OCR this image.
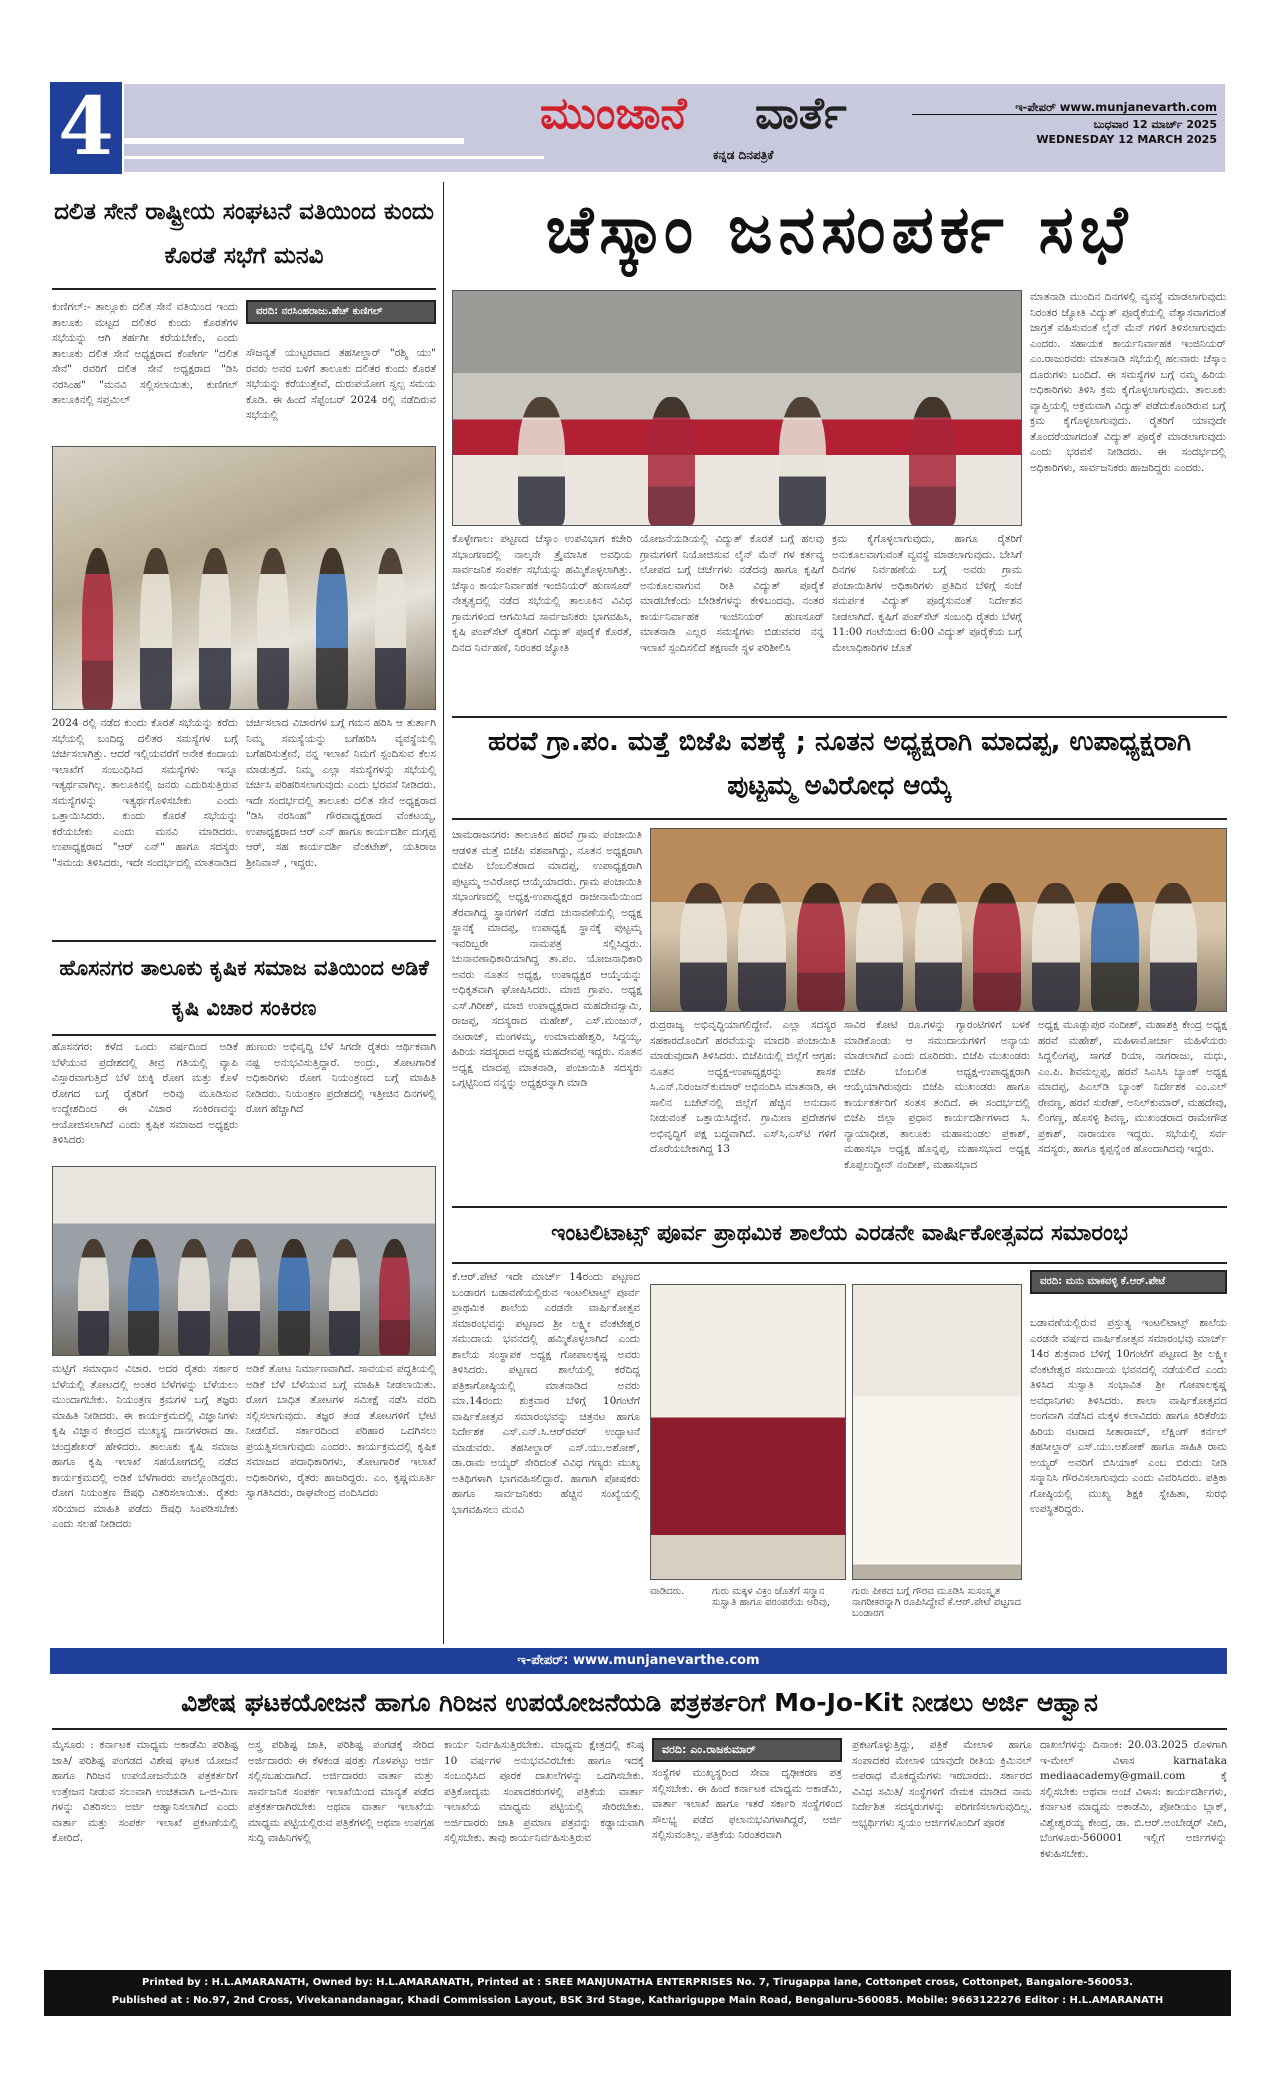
4	ಮುಂಜಾನೆ ವಾರ್ತೆ
ಕನ್ನಡ ದಿನಪತ್ರಿಕೆ
ಇ-ಪೇಪರ್ www.munjanevarth.com
ಬುಧವಾರ 12 ಮಾರ್ಚ್ 2025
WEDNESDAY 12 MARCH 2025
ದಲಿತ ಸೇನೆ ರಾಷ್ಟ್ರೀಯ ಸಂಘಟನೆ ವತಿಯಿಂದ ಕುಂದು ಕೊರತೆ ಸಭೆಗೆ ಮನವಿ
ಕುಣಿಗಲ್:- ತಾಲ್ಲೂಕು ದಲಿತ ಸೇನೆ ವತಿಯಿಂದ ಇಂದು ತಾಲೂಕು ಮಟ್ಟದ ದಲಿತರ ಕುಂದು ಕೊರತೆಗಳ ಸಭೆಯನ್ನು ಆಗಿ ತರ್ಹಗೀ ಕರೆಯಬೇಕೆಂ, ಎಂದು ತಾಲೂಕು ದಲಿತ ಸೇನೆ ಅಧ್ಯಕ್ಷರಾದ ಕೆಂಪೇರ್ಗ "ದಲಿತ ಸೇನೆ" ರವರಿಗೆ ದಲಿತ ಸೇನೆ ಅಧ್ಯಕ್ಷರಾದ "ಡಿಸಿ ನರಸಿಂಹ" "ಮನವಿ ಸಲ್ಲಿಸಲಾಯಿತು, ಕುಣಿಗಲ್ ತಾಲೂಕಿನಲ್ಲಿ ಸಪ್ತಮಿಲ್
ವರದಿ: ನರಸಿಂಹರಾಜು.ಹೆಚ್ ಕುಣಿಗಲ್
ಸೌಜನ್ಯತೆ ಯುಟ್ಟರವಾದ ತಹಸೀಲ್ದಾರ್ "ರಶ್ಮಿ ಯು" ರವರು ಅವರ ಬಳಿಗೆ ತಾಲೂಕು ದಲಿತರ ಕುಂದು ಕೊರತೆ ಸಭೆಯನ್ನು ಕರೆಯುತ್ತೇವೆ, ದುರುಪಯೋಗ ಸ್ವಲ್ಪ ಸಮಯ ಕೊಡಿ. ಈ ಹಿಂದೆ ಸೆಪ್ಟೆಂಬರ್ 2024 ರಲ್ಲಿ ನಡೆದಿರುವ ಸಭೆಯಲ್ಲಿ
2024 ರಲ್ಲಿ ನಡೆದ ಕುಂದು ಕೊರತೆ ಸಭೆಯನ್ನು ಕರೆದು ಸಭೆಯಲ್ಲಿ ಬಂದಿದ್ದ ದಲಿತರ ಸಮಸ್ಯೆಗಳ ಬಗ್ಗೆ ಚರ್ಚಿಸಲಾಗಿತ್ತು. ಆದರೆ ಇಲ್ಲಿಯವರೆಗೆ ಅನೇಕ ಕಂದಾಯ ಇಲಾಖೆಗೆ ಸಂಬಂಧಿಸಿದ ಸಮಸ್ಯೆಗಳು ಇನ್ನೂ ಇತ್ಯರ್ಥವಾಗಿಲ್ಲ. ತಾಲೂಕಿನಲ್ಲಿ ಜನರು ಎದುರಿಸುತ್ತಿರುವ ಸಮಸ್ಯೆಗಳನ್ನು ಇತ್ಯರ್ಥಗೊಳಿಸಬೇಕು ಎಂದು ಒತ್ತಾಯಿಸಿದರು. ಕುಂದು ಕೊರತೆ ಸಭೆಯನ್ನು ಕರೆಯಬೇಕು ಎಂದು ಮನವಿ ಮಾಡಿದರು. ಉಪಾಧ್ಯಕ್ಷರಾದ "ಆರ್ ಎನ್" ಹಾಗೂ ಸದಸ್ಯರು "ಸಮಯ ತಿಳಿಸಿದರು, ಇದೇ ಸಂದರ್ಭದಲ್ಲಿ ಮಾತನಾಡಿದ
ಚರ್ಚಿಸಲಾದ ವಿಚಾರಗಳ ಬಗ್ಗೆ ಗಮನ ಹರಿಸಿ ಆ ತುರ್ತಾಗಿ ನಿಮ್ಮ ಸಮಸ್ಯೆಯನ್ನು ಬಗೆಹರಿಸಿ ವ್ಯವಸ್ಥೆಯಲ್ಲಿ ಬಗೆಹರಿಸುತ್ತೇನೆ, ನನ್ನ ಇಲಾಖೆ ನಿಮಗೆ ಸ್ಪಂದಿಸುವ ಕೆಲಸ ಮಾಡುತ್ತದೆ. ನಿಮ್ಮ ಎಲ್ಲಾ ಸಮಸ್ಯೆಗಳನ್ನು ಸಭೆಯಲ್ಲಿ ಚರ್ಚಿಸಿ ಪರಿಹರಿಸಲಾಗುವುದು ಎಂದು ಭರವಸೆ ನೀಡಿದರು. ಇದೇ ಸಂದರ್ಭದಲ್ಲಿ ತಾಲೂಕು ದಲಿತ ಸೇನೆ ಅಧ್ಯಕ್ಷರಾದ "ಡಿಸಿ ನರಸಿಂಹ" ಗೌರವಾಧ್ಯಕ್ಷರಾದ ವೆಂಕಟಯ್ಯ, ಉಪಾಧ್ಯಕ್ಷರಾದ ಆರ್ ಎನ್ ಹಾಗೂ ಕಾರ್ಯದರ್ಶಿ ದುಗ್ಗಪ್ಪ ಆರ್, ಸಹ ಕಾರ್ಯದರ್ಶಿ ವೆಂಕಟೇಶ್, ಯತಿರಾಜ ಶ್ರೀನಿವಾಸ್ , ಇದ್ದರು.
ಹೊಸನಗರ ತಾಲೂಕು ಕೃಷಿಕ ಸಮಾಜ ವತಿಯಿಂದ ಅಡಿಕೆ ಕೃಷಿ ವಿಚಾರ ಸಂಕಿರಣ
ಹೊಸನಗರ: ಕಳೆದ ಒಂದು ವರ್ಷದಿಂದ ಅಡಿಕೆ ಬೆಳೆಯುವ ಪ್ರದೇಶದಲ್ಲಿ ತೀವ್ರ ಗತಿಯಲ್ಲಿ ವ್ಯಾಪಿ ವಿಸ್ತಾರವಾಗುತ್ತಿದೆ ಬೆಳೆ ಚುಕ್ಕಿ ರೋಗ ಮತ್ತು ಕೊಳೆ ರೋಗದ ಬಗ್ಗೆ ರೈತರಿಗೆ ಅರಿವು ಮೂಡಿಸುವ ಉದ್ದೇಶದಿಂದ ಈ ವಿಚಾರ ಸಂಕಿರಣವನ್ನು ಆಯೋಜಿಸಲಾಗಿದೆ ಎಂದು ಕೃಷಿಕ ಸಮಾಜದ ಅಧ್ಯಕ್ಷರು ತಿಳಿಸಿದರು
ಹುಣುರು ಅಭಿವೃದ್ಧಿ ಬೆಳೆ ಸಿಗದೇ ರೈತರು ಆರ್ಥಿಕವಾಗಿ ನಷ್ಟ ಅನುಭವಿಸುತ್ತಿದ್ದಾರೆ. ಅಂದ್ರು, ತೋಟಗಾರಿಕೆ ಅಧಿಕಾರಿಗಳು ರೋಗ ನಿಯಂತ್ರಣದ ಬಗ್ಗೆ ಮಾಹಿತಿ ನೀಡಿದರು. ನಿಯಂತ್ರಣ ಪ್ರದೇಶದಲ್ಲಿ ಇತ್ತೀಚಿನ ದಿನಗಳಲ್ಲಿ ರೋಗ ಹೆಚ್ಚಾಗಿದೆ
ಮಟ್ಟಿಗೆ ಸಮಾಧಾನ ವಿಚಾರ. ಅದರ ರೈತರು ಸರ್ಕಾರ ಬೆಳೆಯಲ್ಲಿ ತೋಟದಲ್ಲಿ ಅಂತರ ಬೆಳೆಗಳನ್ನು ಬೆಳೆಯಲು ಮುಂದಾಗಬೇಕು. ನಿಯಂತ್ರಣ ಕ್ರಮಗಳ ಬಗ್ಗೆ ತಜ್ಞರು ಮಾಹಿತಿ ನೀಡಿದರು. ಈ ಕಾರ್ಯಕ್ರಮದಲ್ಲಿ ವಿಜ್ಞಾನಿಗಳು ಕೃಷಿ ವಿಜ್ಞಾನ ಕೇಂದ್ರದ ಮುಖ್ಯಸ್ಥ ದಾನಗಳರಾದ ಡಾ. ಚಂದ್ರಶೇಖರ್ ಹೇಳಿದರು. ತಾಲೂಕು ಕೃಷಿ ಸಮಾಜ ಹಾಗೂ ಕೃಷಿ ಇಲಾಖೆ ಸಹಯೋಗದಲ್ಲಿ ನಡೆದ ಕಾರ್ಯಕ್ರಮದಲ್ಲಿ ಅಡಿಕೆ ಬೆಳೆಗಾರರು ಪಾಲ್ಗೊಂಡಿದ್ದರು. ರೋಗ ನಿಯಂತ್ರಣ ಔಷಧಿ ವಿತರಿಸಲಾಯಿತು. ರೈತರು ಸರಿಯಾದ ಮಾಹಿತಿ ಪಡೆದು ಔಷಧಿ ಸಿಂಪಡಿಸಬೇಕು ಎಂದು ಸಲಹೆ ನೀಡಿದರು
ಅಡಿಕೆ ತೋಟ ನಿರ್ಮಾಣವಾಗಿದೆ. ಸಾವಯವ ಪದ್ಧತಿಯಲ್ಲಿ ಅಡಿಕೆ ಬೆಳೆ ಬೆಳೆಯುವ ಬಗ್ಗೆ ಮಾಹಿತಿ ನೀಡಲಾಯಿತು. ರೋಗ ಬಾಧಿತ ತೋಟಗಳ ಸಮೀಕ್ಷೆ ನಡೆಸಿ ವರದಿ ಸಲ್ಲಿಸಲಾಗುವುದು. ತಜ್ಞರ ತಂಡ ತೋಟಗಳಿಗೆ ಭೇಟಿ ನೀಡಲಿದೆ. ಸರ್ಕಾರದಿಂದ ಪರಿಹಾರ ಒದಗಿಸಲು ಪ್ರಯತ್ನಿಸಲಾಗುವುದು ಎಂದರು. ಕಾರ್ಯಕ್ರಮದಲ್ಲಿ ಕೃಷಿಕ ಸಮಾಜದ ಪದಾಧಿಕಾರಿಗಳು, ತೋಟಗಾರಿಕೆ ಇಲಾಖೆ ಅಧಿಕಾರಿಗಳು, ರೈತರು ಹಾಜರಿದ್ದರು. ಎಂ. ಕೃಷ್ಣಮೂರ್ತಿ ಸ್ವಾಗತಿಸಿದರು, ರಾಘವೇಂದ್ರ ವಂದಿಸಿದರು
ಚೆಸ್ಕಾಂ ಜನಸಂಪರ್ಕ ಸಭೆ
ಕೊಳ್ಳೇಗಾಲ: ಪಟ್ಟಣದ ಚೆಸ್ಕಾಂ ಉಪವಿಭಾಗ ಕಚೇರಿ ಸಭಾಂಗಣದಲ್ಲಿ ನಾಲ್ಕನೇ ತ್ರೈಮಾಸಿಕ ಅವಧಿಯ ಸಾರ್ವಜನಿಕ ಸಂಪರ್ಕ ಸಭೆಯನ್ನು ಹಮ್ಮಿಕೊಳ್ಳಲಾಗಿತ್ತು. ಚೆಸ್ಕಾಂ ಕಾರ್ಯನಿರ್ವಾಹಕ ಇಂಜಿನಿಯರ್ ಹುಣಸೂರ್ ನೇತೃತ್ವದಲ್ಲಿ ನಡೆದ ಸಭೆಯಲ್ಲಿ ತಾಲೂಕಿನ ವಿವಿಧ ಗ್ರಾಮಗಳಿಂದ ಆಗಮಿಸಿದ ಸಾರ್ವಜನಿಕರು ಭಾಗವಹಿಸಿ, ಕೃಷಿ ಪಂಪ್‌ಸೆಟ್ ರೈತರಿಗೆ ವಿದ್ಯುತ್ ಪೂರೈಕೆ ಕೊರತೆ, ದಿನದ ನಿರ್ವಹಣೆ, ನಿರಂತರ ಜ್ಯೋತಿ
ಯೋಜನೆಯಡಿಯಲ್ಲಿ ವಿದ್ಯುತ್ ಕೊರತೆ ಬಗ್ಗೆ ಹಲವು ಗ್ರಾಮಗಳಿಗೆ ನಿಯೋಜಿಸುವ ಲೈನ್ ಮೆನ್ ಗಳ ಕರ್ತವ್ಯ ಲೋಪದ ಬಗ್ಗೆ ಚರ್ಚೆಗಳು ನಡೆದವು ಹಾಗೂ ಕೃಷಿಗೆ ಅನುಕೂಲವಾಗುವ ರೀತಿ ವಿದ್ಯುತ್ ಪೂರೈಕೆ ಮಾಡಬೇಕೆಂದು ಬೇಡಿಕೆಗಳನ್ನು ಕೇಳಿಬಂದವು. ನಂತರ ಕಾರ್ಯನಿರ್ವಾಹಕ ಇಂಜಿನಿಯರ್ ಹುಣಸೂರ್ ಮಾತನಾಡಿ ಎಲ್ಲರ ಸಮಸ್ಯೆಗಳು ಬಿಡುವವರ ನನ್ನ ಇಲಾಖೆ ಸ್ಪಂದಿಸಲಿದೆ ತಕ್ಷಣವೇ ಸ್ಥಳ ಪರಿಶೀಲಿಸಿ
ಕ್ರಮ ಕೈಗೊಳ್ಳಲಾಗುವುದು, ಹಾಗೂ ರೈತರಿಗೆ ಅನುಕೂಲವಾಗುವಂತೆ ವ್ಯವಸ್ಥೆ ಮಾಡಲಾಗುವುದು. ಬೇಸಿಗೆ ದಿನಗಳ ನಿರ್ವಹಣೆಯ ಬಗ್ಗೆ ಅವರು ಗ್ರಾಮ ಪಂಚಾಯಿತಿಗಳ ಅಧಿಕಾರಿಗಳು ಪ್ರತಿದಿನ ಬೆಳಿಗ್ಗೆ ಸಂಜೆ ಸಮರ್ಪಕ ವಿದ್ಯುತ್ ಪೂರೈಸುವಂತೆ ನಿರ್ದೇಶನ ನೀಡಲಾಗಿದೆ. ಕೃಷಿಗೆ ಪಂಪ್‌ಸೆಟ್ ಸಂಬಂಧಿ ರೈತರು ಬೆಳಗ್ಗೆ 11:00 ಗಂಟೆಯಿಂದ 6:00 ವಿದ್ಯುತ್ ಪೂರೈಕೆಯ ಬಗ್ಗೆ ಮೇಲಾಧಿಕಾರಿಗಳ ಜೊತೆ
ಮಾತನಾಡಿ ಮುಂದಿನ ದಿನಗಳಲ್ಲಿ ವ್ಯವಸ್ಥೆ ಮಾಡಲಾಗುವುದು ನಿರಂತರ ಜ್ಯೋತಿ ವಿದ್ಯುತ್ ಪೂರೈಕೆಯಲ್ಲಿ ವೆತ್ಯಾಸವಾಗದಂತೆ ಜಾಗ್ರತೆ ವಹಿಸುವಂತೆ ಲೈನ್ ಮೆನ್ ಗಳಿಗೆ ತಿಳಿಸಲಾಗುವುದು ಎಂದರು. ಸಹಾಯಕ ಕಾರ್ಯನಿರ್ವಾಹಕ ಇಂಜಿನಿಯರ್ ಎಂ.ರಾಜುರವರು ಮಾತನಾಡಿ ಸಭೆಯಲ್ಲಿ ಹಲವಾರು ಚೆಸ್ಕಾಂ ದೂರುಗಳು ಬಂದಿದೆ. ಈ ಸಮಸ್ಯೆಗಳ ಬಗ್ಗೆ ನಮ್ಮ ಹಿರಿಯ ಅಧಿಕಾರಿಗಳು ತಿಳಿಸಿ ಕ್ರಮ ಕೈಗೊಳ್ಳಲಾಗುವುದು. ತಾಲೂಕು ವ್ಯಾಪ್ತಿಯಲ್ಲಿ ಅಕ್ರಮವಾಗಿ ವಿದ್ಯುತ್ ಪಡೆದುಕೊಂಡಿರುವ ಬಗ್ಗೆ ಕ್ರಮ ಕೈಗೊಳ್ಳಲಾಗುವುದು. ರೈತರಿಗೆ ಯಾವುದೇ ತೊಂದರೆಯಾಗದಂತೆ ವಿದ್ಯುತ್ ಪೂರೈಕೆ ಮಾಡಲಾಗುವುದು ಎಂದು ಭರವಸೆ ನೀಡಿದರು. ಈ ಸಂದರ್ಭದಲ್ಲಿ ಅಧಿಕಾರಿಗಳು, ಸಾರ್ವಜನಿಕರು ಹಾಜರಿದ್ದರು ಎಂದರು.
ಹರವೆ ಗ್ರಾ.ಪಂ. ಮತ್ತೆ ಬಿಜೆಪಿ ವಶಕ್ಕೆ ; ನೂತನ ಅಧ್ಯಕ್ಷರಾಗಿ ಮಾದಪ್ಪ, ಉಪಾಧ್ಯಕ್ಷರಾಗಿ ಪುಟ್ಟಮ್ಮ ಅವಿರೋಧ ಆಯ್ಕೆ
ಚಾಮರಾಜನಗರ: ತಾಲೂಕಿನ ಹರವೆ ಗ್ರಾಮ ಪಂಚಾಯಿತಿ ಆಡಳಿತ ಮತ್ತೆ ಬಿಜೆಪಿ ವಶವಾಗಿದ್ದು, ನೂತನ ಅಧ್ಯಕ್ಷರಾಗಿ ಬಿಜೆಪಿ ಬೆಂಬಲಿತರಾದ ಮಾದಪ್ಪ, ಉಪಾಧ್ಯಕ್ಷರಾಗಿ ಪುಟ್ಟಮ್ಮ ಅವಿರೋಧ ಆಯ್ಕೆಯಾದರು. ಗ್ರಾಮ ಪಂಚಾಯಿತಿ ಸಭಾಂಗಣದಲ್ಲಿ ಅಧ್ಯಕ್ಷ-ಉಪಾಧ್ಯಕ್ಷರ ರಾಜೀನಾಮೆಯಿಂದ ತೆರವಾಗಿದ್ದ ಸ್ಥಾನಗಳಿಗೆ ನಡೆದ ಚುನಾವಣೆಯಲ್ಲಿ ಅಧ್ಯಕ್ಷ ಸ್ಥಾನಕ್ಕೆ ಮಾದಪ್ಪ, ಉಪಾಧ್ಯಕ್ಷ ಸ್ಥಾನಕ್ಕೆ ಪುಟ್ಟಮ್ಮ ಇವರಿಬ್ಬರೇ ನಾಮಪತ್ರ ಸಲ್ಲಿಸಿದ್ದರು. ಚುನಾವಣಾಧಿಕಾರಿಯಾಗಿದ್ದ ತಾ.ಪಂ. ಯೋಜನಾಧಿಕಾರಿ ಅವರು ನೂತನ ಅಧ್ಯಕ್ಷ, ಉಪಾಧ್ಯಕ್ಷರ ಆಯ್ಕೆಯನ್ನು ಅಧಿಕೃತವಾಗಿ ಘೋಷಿಸಿದರು. ಮಾಜಿ ಗ್ರಾಪಂ. ಅಧ್ಯಕ್ಷ ಎಸ್.ಗಿರೀಶ್, ಮಾಜಿ ಉಪಾಧ್ಯಕ್ಷರಾದ ಮಹದೇವಸ್ವಾಮಿ, ರಾಜಪ್ಪ, ಸದಸ್ಯರಾದ ಮಹೇಶ್, ಎಸ್.ಮಂಜುನ್, ನಟರಾಜ್, ಮಂಗಳಮ್ಮ, ಉಮಾಮಹೇಶ್ವರಿ, ಸಿದ್ದಯ್ಯ, ಹಿರಿಯ ಸದಸ್ಯರಾದ ಅಧ್ಯಕ್ಷ ಮಹದೇವಪ್ಪ ಇದ್ದರು. ನೂತನ ಅಧ್ಯಕ್ಷ ಮಾದಪ್ಪ ಮಾತನಾಡಿ, ಪಂಚಾಯಿತಿ ಸದಸ್ಯರು ಒಗ್ಗಟ್ಟಿನಿಂದ ನನ್ನನ್ನು ಅಧ್ಯಕ್ಷರನ್ನಾಗಿ ಮಾಡಿ
ರುದ್ರರಾಜ್ಯ ಅಭಿವೃದ್ಧಿಯಾಗಲಿದ್ದೇನೆ. ಎಲ್ಲಾ ಸದಸ್ಯರ ಸಹಕಾರದೊಂದಿಗೆ ಹರವೆಯನ್ನು ಮಾದರಿ ಪಂಚಾಯಿತಿ ಮಾಡುವುದಾಗಿ ತಿಳಿಸಿದರು. ಬಿಜೆಪಿಯಲ್ಲಿ ಜಿಲ್ಲೆಗೆ ಆಗ್ರಹ: ನೂತನ ಅಧ್ಯಕ್ಷ-ಉಪಾಧ್ಯಕ್ಷರನ್ನು ಶಾಸಕ ಸಿ.ಎನ್.ನಿರಂಜನ್‌ಕುಮಾರ್ ಅಭಿನಂದಿಸಿ ಮಾತನಾಡಿ, ಈ ಸಾಲಿನ ಬಜೆಟ್‌ನಲ್ಲಿ ಜಿಲ್ಲೆಗೆ ಹೆಚ್ಚಿನ ಅನುದಾನ ನೀಡುವಂತೆ ಒತ್ತಾಯಿಸಿದ್ದೇನೆ. ಗ್ರಾಮೀಣ ಪ್ರದೇಶಗಳ ಅಭಿವೃದ್ಧಿಗೆ ಪಕ್ಷ ಬದ್ಧವಾಗಿದೆ. ಎಸ್‌ಸಿ,ಎಸ್‌ಟಿ ಗಳಿಗೆ ದೊರೆಯಬೇಕಾಗಿದ್ದ 13
ಸಾವಿರ ಕೋಟಿ ರೂ.ಗಳನ್ನು ಗ್ಯಾರಂಟಿಗಳಿಗೆ ಬಳಕೆ ಮಾಡಿಕೊಂಡು ಆ ಸಮುದಾಯಗಳಿಗೆ ಅನ್ಯಾಯ ಮಾಡಲಾಗಿದೆ ಎಂದು ದೂರಿದರು. ಬಿಜೆಪಿ ಮುಖಂಡರು ಬಿಜೆಪಿ ಬೆಂಬಲಿತ ಅಧ್ಯಕ್ಷ-ಉಪಾಧ್ಯಕ್ಷರಾಗಿ ಆಯ್ಕೆಯಾಗಿರುವುದು ಬಿಜೆಪಿ ಮುಖಂಡರು ಹಾಗೂ ಕಾರ್ಯಕರ್ತರಿಗೆ ಸಂತಸ ತಂದಿದೆ. ಈ ಸಂದರ್ಭದಲ್ಲಿ ಬಿಜೆಪಿ ಜಿಲ್ಲಾ ಪ್ರಧಾನ ಕಾರ್ಯದರ್ಶಿಗಳಾದ ಸಿ. ನ್ಯಾಯಾಧೀಶ, ತಾಲೂಕು ಮಹಾಮಂಡಲ ಪ್ರಕಾಶ್, ಮಹಾಸಭಾ ಅಧ್ಯಕ್ಷ ಹೊನ್ನಪ್ಪ, ಮಹಾಸಭಾದ ಅಧ್ಯಕ್ಷ ಕೊಪ್ಪಲುದ್ದೀನ್ ನಂದೀಶ್, ಮಹಾಸಭಾದ
ಅಧ್ಯಕ್ಷ ಮೂಡ್ಲುಪುರ ನಂದೀಶ್, ಮಹಾಶಕ್ತಿ ಕೇಂದ್ರ ಅಧ್ಯಕ್ಷ ಹರವೆ ಮಹೇಶ್, ಮಹಿಳಾಮೋರ್ಚಾ ಮಹಿಳೆಯರು ಸಿದ್ದಲಿಂಗಪ್ಪ, ಸಾಗಡೆ ರಿಯಾ, ನಾಗರಾಜು, ಮಧು, ಎಂ.ಪಿ. ಶಿವಮಲ್ಲಪ್ಪ, ಹರವೆ ಸಿಎಸಿಸಿ ಬ್ಯಾಂಕ್ ಅಧ್ಯಕ್ಷ ಮಾದಪ್ಪ, ಪಿಎಲ್‌ಡಿ ಬ್ಯಾಂಕ್ ನಿರ್ದೇಶಕ ಎಂ.ಎಲ್ ರೇವಣ್ಣ, ಹರವೆ ಸುರೇಶ್, ಅನಿಲ್‌ಕುಮಾರ್, ಮಹದೇವು, ಲಿಂಗಣ್ಣ, ಹೊಸಳ್ಳಿ ಶಿವಣ್ಣ, ಮುಖಂಡರಾದ ರಾಮೇಗೌಡ ಪ್ರಕಾಶ್, ನಾರಾಯಣ ಇದ್ದರು. ಸಭೆಯಲ್ಲಿ ಸರ್ವ ಸದಸ್ಯರು, ಹಾಗೂ ಕೃಪ್ಪನ್ನೆಂಕ ಹೊಂದಾಗಿದವು ಇದ್ದರು.
ಇಂಟಲಿಟಾಟ್ಸ್ ಪೂರ್ವ ಪ್ರಾಥಮಿಕ ಶಾಲೆಯ ಎರಡನೇ ವಾರ್ಷಿಕೋತ್ಸವದ ಸಮಾರಂಭ
ಕೆ.ಆರ್.ಪೇಟೆ ಇದೇ ಮಾರ್ಚ್ 14ರಂದು ಪಟ್ಟಣದ ಬಂಡಾರಗ ಬಡಾವಣೆಯಲ್ಲಿರುವ ಇಂಟಲಿಟಾಟ್ಸ್ ಪೂರ್ವ ಪ್ರಾಥಮಿಕ ಶಾಲೆಯ ಎರಡನೇ ವಾರ್ಷಿಕೋತ್ಸವ ಸಮಾರಂಭವನ್ನು ಪಟ್ಟಣದ ಶ್ರೀ ಲಕ್ಷ್ಮೀ ವೆಂಕಟೇಶ್ವರ ಸಮುದಾಯ ಭವನದಲ್ಲಿ ಹಮ್ಮಿಕೊಳ್ಳಲಾಗಿದೆ ಎಂದು ಶಾಲೆಯ ಸಂಸ್ಥಾಪಕ ಅಧ್ಯಕ್ಷ ಗೋಪಾಲಕೃಷ್ಣ ಅವರು ತಿಳಿಸಿದರು. ಪಟ್ಟಣದ ಶಾಲೆಯಲ್ಲಿ ಕರೆದಿದ್ದ ಪತ್ರಿಕಾಗೋಷ್ಠಿಯಲ್ಲಿ ಮಾತನಾಡಿದ ಅವರು ಮಾ.14ರಂದು ಶುಕ್ರವಾರ ಬೆಳಿಗ್ಗೆ 10ಗಂಟೆಗೆ ವಾರ್ಷಿಕೋತ್ಸವ ಸಮಾರಂಭವನ್ನು ಚಿತ್ರನಟ ಹಾಗೂ ನಿರ್ದೇಶಕ ಎಸ್.ಎನ್.ಸಿ.ಆರ್‌ರವರ್ ಉದ್ಘಾಟನೆ ಮಾಡುವರು. ತಹಸೀಲ್ದಾರ್ ಎಸ್.ಯು.ಅಶೋಕ್, ಡಾ.ರಾಮ ಅಯ್ಯರ್ ಸೇರಿದಂತೆ ವಿವಿಧ ಗಣ್ಯರು ಮುಖ್ಯ ಅತಿಥಿಗಳಾಗಿ ಭಾಗವಹಿಸಲಿದ್ದಾರೆ. ಹಾಗಾಗಿ ಪೋಷಕರು ಹಾಗೂ ಸಾರ್ವಜನಿಕರು ಹೆಚ್ಚಿನ ಸಂಖ್ಯೆಯಲ್ಲಿ ಭಾಗವಹಿಸಲು ಮನವಿ
ವಾಡಿದರು.	ಗುರು ಮಕ್ಕಳ ವಿಕ್ರಂ ಜೊತೆಗೆ ಸನ್ಮಾನ ಸುಸ್ವಾತಿ ಹಾಗೂ ಪರಂಪರೆಯ ಅರಿವು,
ಗುರು ಪೀಠದ ಬಗ್ಗೆ ಗೌರವ ಮೂಡಿಸಿ ಸುಸಂಸ್ಕೃತ ನಾಗರೀಕರನ್ನಾಗಿ ರೂಪಿಸಿದ್ದೇವೆ ಕೆ.ಆರ್.ಪೇಟೆ ಪಟ್ಟಣದ ಬಂಡಾರಗ
ವರದಿ: ಮನು ಮಾಕವಳ್ಳಿ ಕೆ.ಆರ್.ಪೇಟೆ
ಬಡಾವಣೆಯಲ್ಲಿರುವ ಪ್ರಸ್ತುತ್ಯ ಇಂಟಲಿಟಾಟ್ಸ್ ಶಾಲೆಯ ಎರಡನೇ ವರ್ಷದ ವಾರ್ಷಿಕೋತ್ಸವ ಸಮಾರಂಭವು ಮಾರ್ಚ್ 14ರ ಶುಕ್ರವಾರ ಬೆಳಿಗ್ಗೆ 10ಗಂಟೆಗೆ ಪಟ್ಟಣದ ಶ್ರೀ ಲಕ್ಷ್ಮೀ ವೆಂಕಟೇಶ್ವರ ಸಮುದಾಯ ಭವನದಲ್ಲಿ ನಡೆಯಲಿದೆ ಎಂದು ತಿಳಿಸಿದ ಸುಸ್ವಾತಿ ಸಂಭಾವಿತ ಶ್ರೀ ಗೋಪಾಲಕೃಷ್ಣ ಅವಧಾನಿಗಳು ತಿಳಿಸಿದರು. ಶಾಲಾ ವಾರ್ಷಿಕೋತ್ಸವದ ಅಂಗವಾಗಿ ನಡೆಸಿದ ಮಕ್ಕಳ ಕಲಾವಿದರು ಹಾಗೂ ಕಿರಿತೆರೆಯ ಹಿರಿಯ ನಟರಾದ ಸೀತಾರಾಮ್, ಲೆಕ್ಷಿಂಗ್ ಕರ್ನಲ್ ತಹಸೀಲ್ದಾರ್ ಎಸ್.ಯು.ಅಶೋಕ್ ಹಾಗೂ ಸಾಹಿತಿ ರಾಮ ಅಯ್ಯರ್ ಅವರಿಗೆ ಬಿಸಿಯಾಕ್ ಎಂಬ ಬಿರುದು ನೀಡಿ ಸನ್ಮಾನಿಸಿ ಗೌರವಿಸಲಾಗುವುದು ಎಂದು ವಿವರಿಸಿದರು. ಪತ್ರಿಕಾ ಗೋಷ್ಠಿಯಲ್ಲಿ ಮುಖ್ಯ ಶಿಕ್ಷಕಿ ಸ್ನೇಹಿತಾ, ಸುರಭಿ ಉಪಸ್ಥಿತರಿದ್ದರು.
ಇ-ಪೇಪರ್: www.munjanevarthe.com
ವಿಶೇಷ ಘಟಕಯೋಜನೆ ಹಾಗೂ ಗಿರಿಜನ ಉಪಯೋಜನೆಯಡಿ ಪತ್ರಕರ್ತರಿಗೆ Mo-Jo-Kit ನೀಡಲು ಅರ್ಜಿ ಆಹ್ವಾನ
ಮೈಸೂರು : ಕರ್ನಾಟಕ ಮಾಧ್ಯಮ ಅಕಾಡೆಮಿ ಪರಿಶಿಷ್ಟ ಜಾತಿ/ ಪರಿಶಿಷ್ಟ ಪಂಗಡದ ವಿಶೇಷ ಘಟಕ ಯೋಜನೆ ಹಾಗೂ ಗಿರಿಜನ ಉಪಯೋಜನೆಯಡಿ ಪತ್ರಕರ್ತರಿಗೆ ಉತ್ತೇಜನ ನೀಡುವ ಸಲುವಾಗಿ ಉಚಿತವಾಗಿ ಒ-ಜಿ-ಮಿಣ ಗಳನ್ನು ವಿತರಿಸಲು ಅರ್ಜಿ ಆಹ್ವಾನಿಸಲಾಗಿದೆ ಎಂದು ವಾರ್ತಾ ಮತ್ತು ಸಂಪರ್ಕ ಇಲಾಖೆ ಪ್ರಕಟಣೆಯಲ್ಲಿ ಕೋರಿದೆ.
ಅಸ್ತ್ರ ಪರಿಶಿಷ್ಟ ಜಾತಿ, ಪರಿಶಿಷ್ಟ ಪಂಗಡಕ್ಕೆ ಸೇರಿದ ಅರ್ಜಿದಾರರು ಈ ಕೆಳಕಂಡ ಷರತ್ತು ಗೊಳಪಟ್ಟು ಅರ್ಜಿ ಸಲ್ಲಿಸಬಹುದಾಗಿದೆ. ಅರ್ಜಿದಾರರು ವಾರ್ತಾ ಮತ್ತು ಸಾರ್ವಜನಿಕ ಸಂಪರ್ಕ ಇಲಾಖೆಯಿಂದ ಮಾನ್ಯತೆ ಪಡೆದ ಪತ್ರಕರ್ತರಾಗಿರಬೇಕು ಅಥವಾ ವಾರ್ತಾ ಇಲಾಖೆಯ ಮಾಧ್ಯಮ ಪಟ್ಟಿಯಲ್ಲಿರುವ ಪತ್ರಿಕೆಗಳಲ್ಲಿ ಅಥವಾ ಉಪಗ್ರಹ ಸುದ್ದಿ ವಾಹಿನಿಗಳಲ್ಲಿ
ಕಾರ್ಯ ನಿರ್ವಹಿಸುತ್ತಿರಬೇಕು. ಮಾಧ್ಯಮ ಕ್ಷೇತ್ರದಲ್ಲಿ ಕನಿಷ್ಠ 10 ವರ್ಷಗಳ ಅನುಭವವಿರಬೇಕು ಹಾಗೂ ಇದಕ್ಕೆ ಸಂಬಂಧಿಸಿದ ಪೂರಕ ದಾಖಲೆಗಳನ್ನು ಒದಗಿಸಬೇಕು. ಪತ್ರಿಕೋದ್ಯಮ ಸಂಪಾದಕರುಗಳಲ್ಲಿ ಪತ್ರಿಕೆಯ ವಾರ್ತಾ ಇಲಾಖೆಯ ಮಾಧ್ಯಮ ಪಟ್ಟಿಯಲ್ಲಿ ಸೇರಿರಬೇಕು. ಅರ್ಜಿದಾರರು ಜಾತಿ ಪ್ರಮಾಣ ಪತ್ರವನ್ನು ಕಡ್ಡಾಯವಾಗಿ ಸಲ್ಲಿಸಬೇಕು. ತಾವು ಕಾರ್ಯನಿರ್ವಹಿಸುತ್ತಿರುವ
ವರದಿ: ಎಂ.ರಾಜಕುಮಾರ್
ಸಂಸ್ಥೆಗಳ ಮುಖ್ಯಸ್ಥರಿಂದ ಸೇವಾ ದೃಢೀಕರಣ ಪತ್ರ ಸಲ್ಲಿಸಬೇಕು. ಈ ಹಿಂದೆ ಕರ್ನಾಟಕ ಮಾಧ್ಯಮ ಅಕಾಡೆಮಿ, ವಾರ್ತಾ ಇಲಾಖೆ ಹಾಗೂ ಇತರೆ ಸರ್ಕಾರಿ ಸಂಸ್ಥೆಗಳಿಂದ ಸೌಲಭ್ಯ ಪಡೆದ ಫಲಾನುಭವಿಗಳಾಗಿದ್ದರೆ, ಅರ್ಜಿ ಸಲ್ಲಿಸುವಂತಿಲ್ಲ. ಪತ್ರಿಕೆಯ ನಿರಂತರವಾಗಿ
ಪ್ರಕಟಗೊಳ್ಳುತ್ತಿದ್ದು, ಪತ್ರಿಕೆ ಮೇಲಾಳಿ ಹಾಗೂ ಸಂಪಾದಕರ ಮೇಲಾಳಿ ಯಾವುದೇ ರೀತಿಯ ಕ್ರಿಮಿನಲ್ ಅಪರಾಧ ಮೊಕದ್ದಮೆಗಳು ಇರಬಾರದು. ಸರ್ಕಾರದ ವಿವಿಧ ಸಮಿತಿ/ ಸಂಸ್ಥೆಗಳಿಗೆ ನೇಮಕ ಮಾಡಿದ ನಾಮ ನಿರ್ದೇಶಿತ ಸದಸ್ಯರುಗಳನ್ನು ಪರಿಗಣಿಸಲಾಗುವುದಿಲ್ಲ. ಅಭ್ಯರ್ಥಿಗಳು ಸ್ವಯಂ ಅರ್ಜಿಗಳೊಂದಿಗೆ ಪೂರಕ
ದಾಖಲೆಗಳನ್ನು ದಿನಾಂಕ: 20.03.2025 ರೊಳಗಾಗಿ ಇ-ಮೇಲ್ ವಿಳಾಸ karnataka mediaacademy@gmail.com ಕ್ಕೆ ಸಲ್ಲಿಸಬೇಕು ಅಥವಾ ಅಂಚೆ ವಿಳಾಸ: ಕಾರ್ಯದರ್ಶಿಗಳು, ಕರ್ನಾಟಕ ಮಾಧ್ಯಮ ಅಕಾಡೆಮಿ, ಪೋಡಿಯಂ ಬ್ಲಾಕ್, ವಿಶ್ವೇಶ್ವರಯ್ಯ ಕೇಂದ್ರ, ಡಾ. ಬಿ.ಆರ್.ಅಂಬೇಡ್ಕರ್ ವೀದಿ, ಬೆಂಗಳೂರು-560001 ಇಲ್ಲಿಗೆ ಅರ್ಜಿಗಳನ್ನು ಕಳುಹಿಸಬೇಕು.
Printed by : H.L.AMARANATH, Owned by: H.L.AMARANATH, Printed at : SREE MANJUNATHA ENTERPRISES No. 7, Tirugappa lane, Cottonpet cross, Cottonpet, Bangalore-560053.
Published at : No.97, 2nd Cross, Vivekanandanagar, Khadi Commission Layout, BSK 3rd Stage, Kathariguppe Main Road, Bengaluru-560085. Mobile: 9663122276 Editor : H.L.AMARANATH
